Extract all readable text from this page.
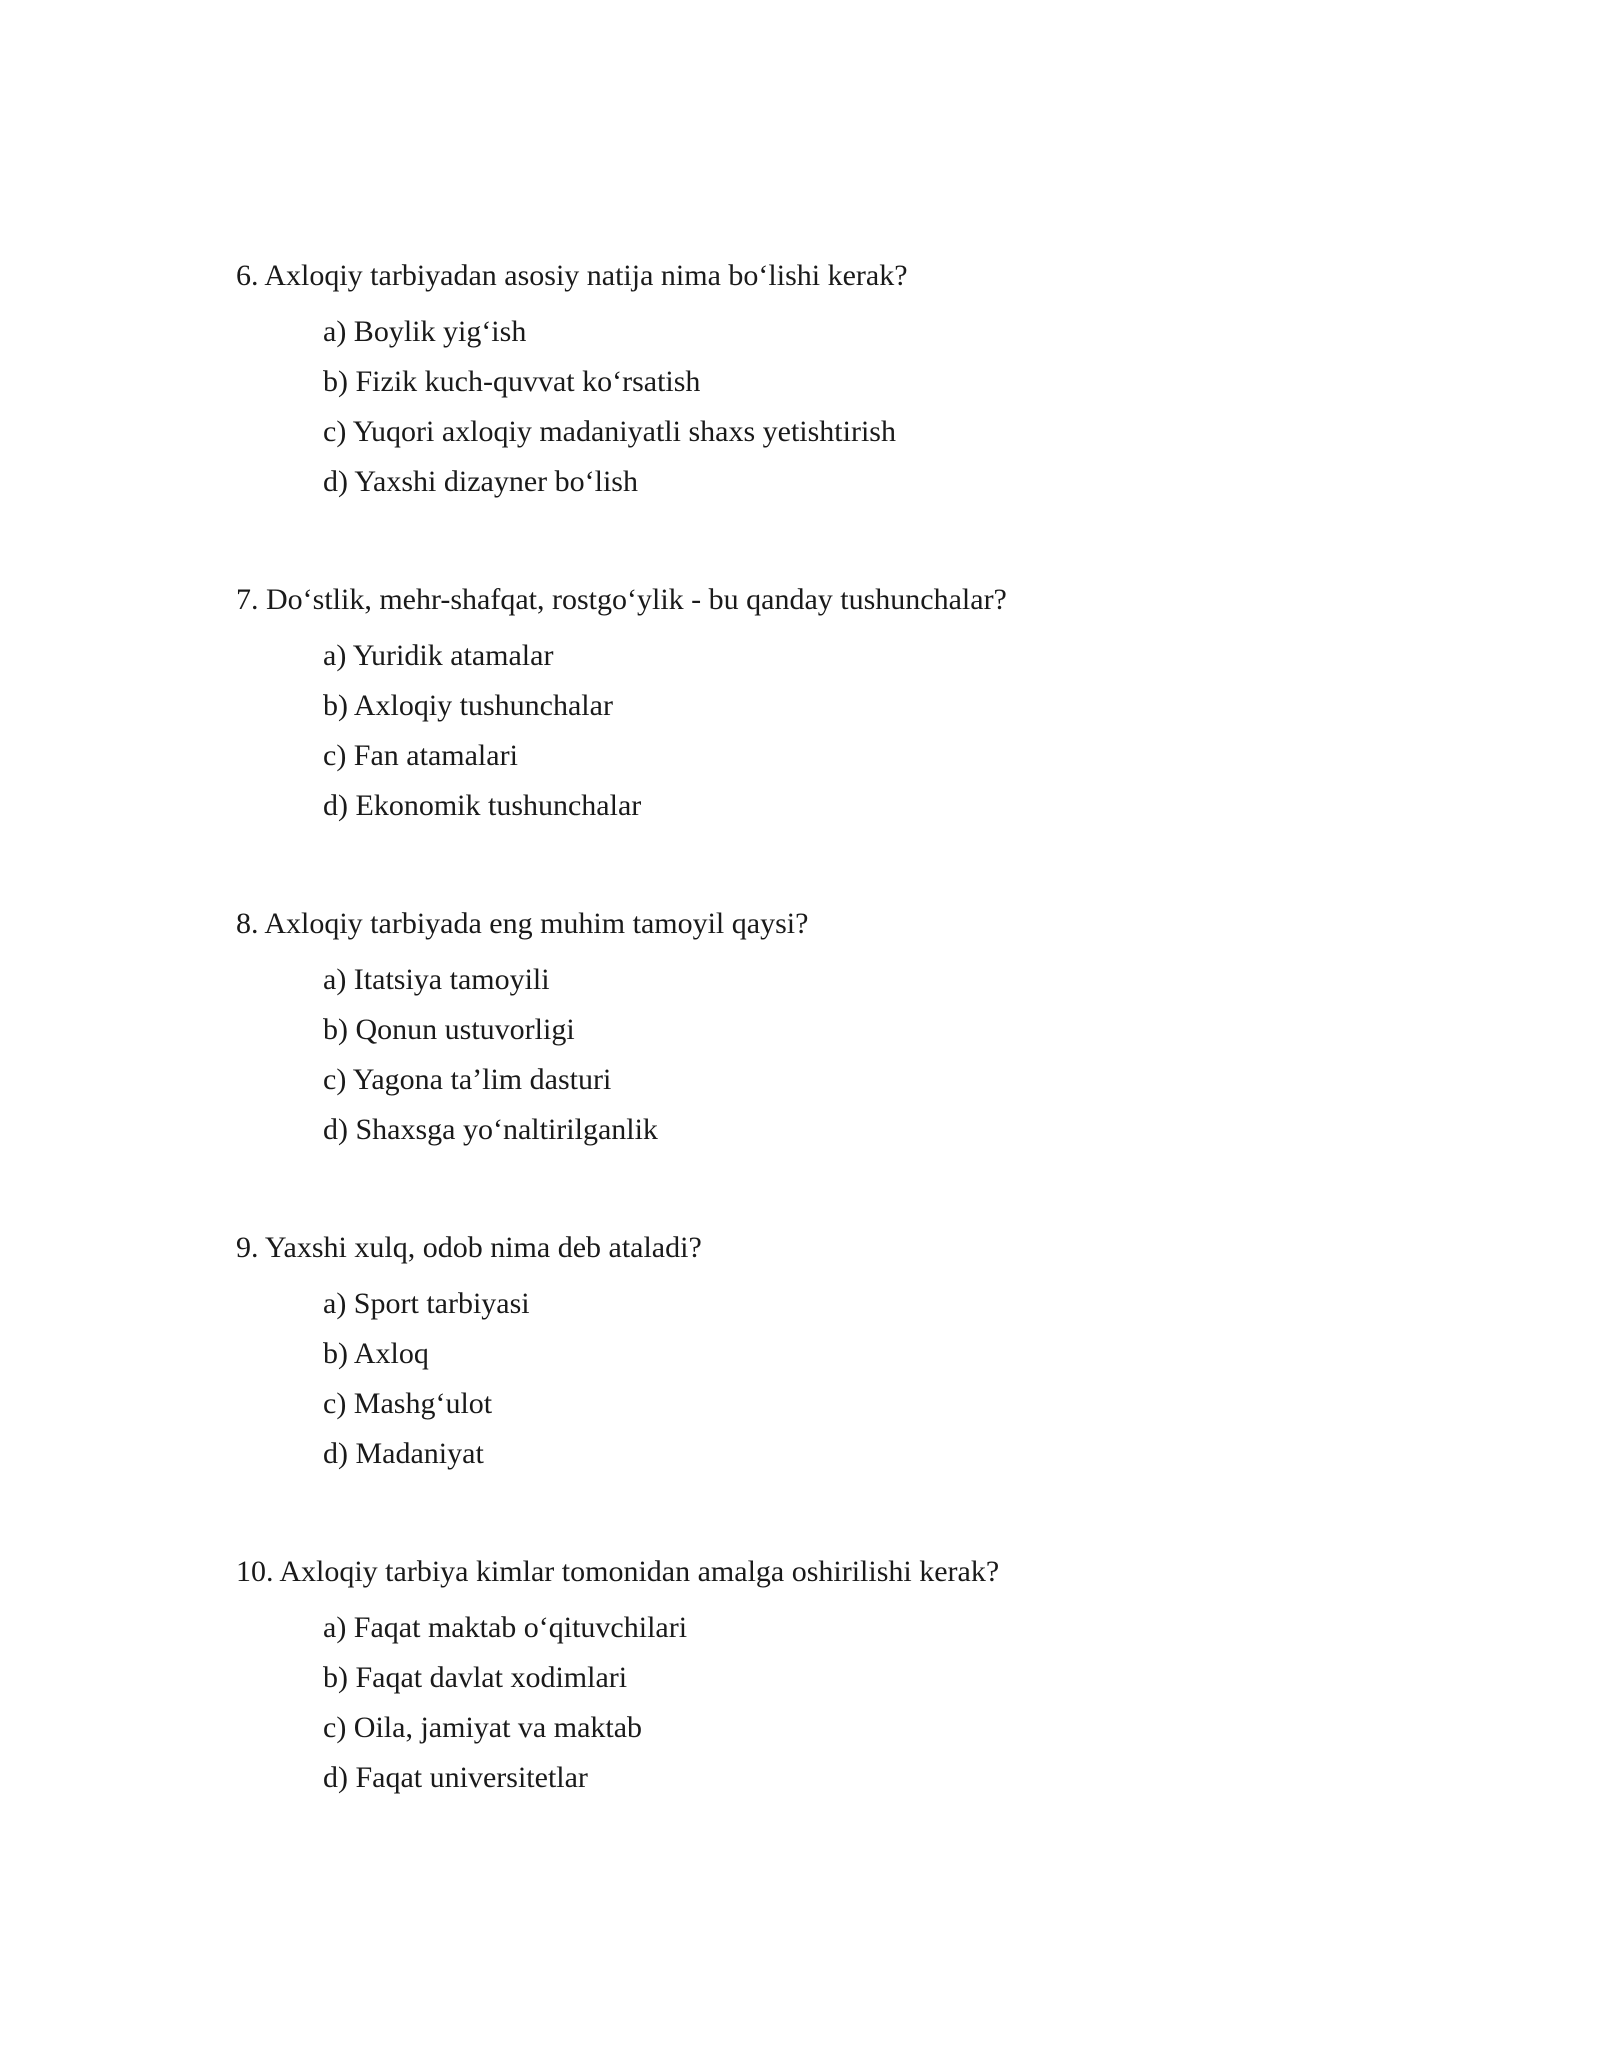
6. Axloqiy tarbiyadan asosiy natija nima bo‘lishi kerak?

a) Boylik yig‘ish
b) Fizik kuch-quvvat ko‘rsatish
c) Yuqori axloqiy madaniyatli shaxs yetishtirish
d) Yaxshi dizayner bo‘lish

7. Do‘stlik, mehr-shafqat, rostgo‘ylik - bu qanday tushunchalar?

a) Yuridik atamalar
b) Axloqiy tushunchalar
c) Fan atamalari
d) Ekonomik tushunchalar

8. Axloqiy tarbiyada eng muhim tamoyil qaysi?

a) Itatsiya tamoyili
b) Qonun ustuvorligi
c) Yagona ta’lim dasturi
d) Shaxsga yo‘naltirilganlik

9. Yaxshi xulq, odob nima deb ataladi?

a) Sport tarbiyasi
b) Axloq
c) Mashg‘ulot
d) Madaniyat

10. Axloqiy tarbiya kimlar tomonidan amalga oshirilishi kerak?

a) Faqat maktab o‘qituvchilari
b) Faqat davlat xodimlari
c) Oila, jamiyat va maktab
d) Faqat universitetlar
